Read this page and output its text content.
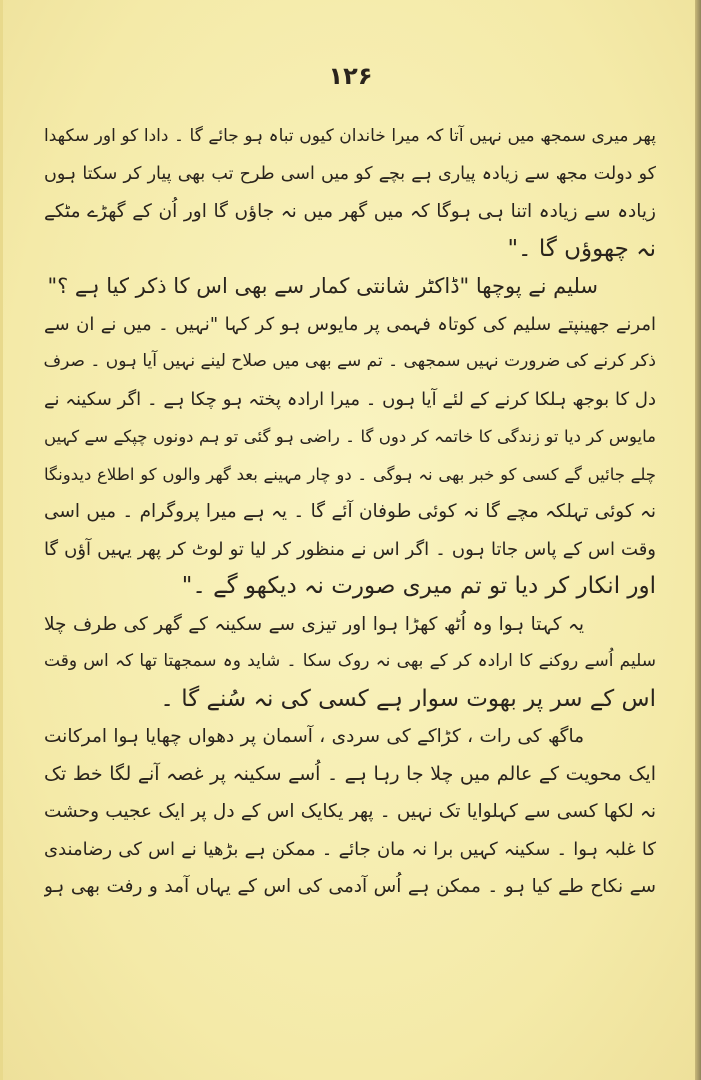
۱۲۶
پھر میری سمجھ میں نہیں آتا کہ میرا خاندان کیوں تباہ ہو جائے گا ۔ دادا کو اور سکھدا
کو دولت مجھ سے زیادہ پیاری ہے بچے کو میں اسی طرح تب بھی پیار کر سکتا ہوں
زیادہ سے زیادہ اتنا ہی ہوگا کہ میں گھر میں نہ جاؤں گا اور اُن کے گھڑے مٹکے
نہ چھوؤں گا ۔"
سلیم نے پوچھا "ڈاکٹر شانتی کمار سے بھی اس کا ذکر کیا ہے ؟"
امرنے جھینپتے سلیم کی کوتاہ فہمی پر مایوس ہو کر کہا "نہیں ۔ میں نے ان سے
ذکر کرنے کی ضرورت نہیں سمجھی ۔ تم سے بھی میں صلاح لینے نہیں آیا ہوں ۔ صرف
دل کا بوجھ ہلکا کرنے کے لئے آیا ہوں ۔ میرا ارادہ پختہ ہو چکا ہے ۔ اگر سکینہ نے
مایوس کر دیا تو زندگی کا خاتمہ کر دوں گا ۔ راضی ہو گئی تو ہم دونوں چپکے سے کہیں
چلے جائیں گے کسی کو خبر بھی نہ ہوگی ۔ دو چار مہینے بعد گھر والوں کو اطلاع دیدونگا
نہ کوئی تہلکہ مچے گا نہ کوئی طوفان آئے گا ۔ یہ ہے میرا پروگرام ۔ میں اسی
وقت اس کے پاس جاتا ہوں ۔ اگر اس نے منظور کر لیا تو لوٹ کر پھر یہیں آؤں گا
اور انکار کر دیا تو تم میری صورت نہ دیکھو گے ۔"
یہ کہتا ہوا وہ اُٹھ کھڑا ہوا اور تیزی سے سکینہ کے گھر کی طرف چلا
سلیم اُسے روکنے کا ارادہ کر کے بھی نہ روک سکا ۔ شاید وہ سمجھتا تھا کہ اس وقت
اس کے سر پر بھوت سوار ہے کسی کی نہ سُنے گا ۔
ماگھ کی رات ، کڑاکے کی سردی ، آسمان پر دھواں چھایا ہوا امرکانت
ایک محویت کے عالم میں چلا جا رہا ہے ۔ اُسے سکینہ پر غصہ آنے لگا خط تک
نہ لکھا کسی سے کہلوایا تک نہیں ۔ پھر یکایک اس کے دل پر ایک عجیب وحشت
کا غلبہ ہوا ۔ سکینہ کہیں برا نہ مان جائے ۔ ممکن ہے بڑھیا نے اس کی رضامندی
سے نکاح طے کیا ہو ۔ ممکن ہے اُس آدمی کی اس کے یہاں آمد و رفت بھی ہو
